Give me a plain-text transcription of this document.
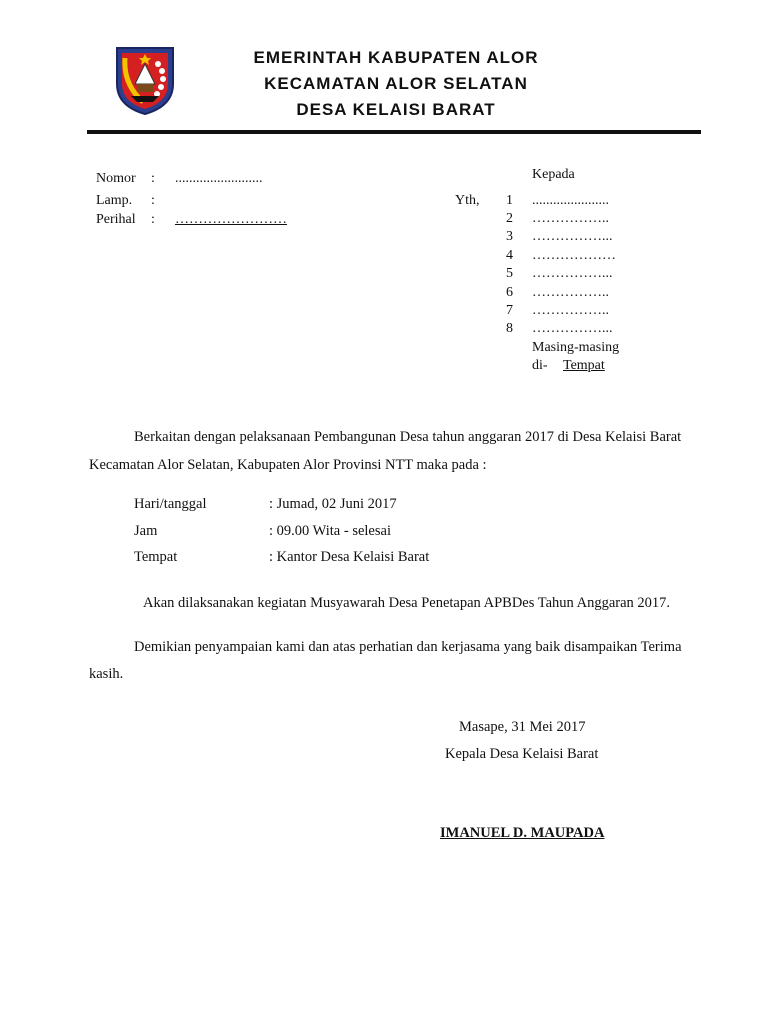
EMERINTAH KABUPATEN ALOR
KECAMATAN ALOR SELATAN
DESA KELAISI BARAT
Nomor : .........................
Lamp. :
Perihal : ……………………
Kepada
Yth, 1 ......................
2 ……………..
3 ……………...
4 ………………
5 ……………...
6 ……………..
7 ……………..
8 ……………...
Masing-masing
di- Tempat
Berkaitan dengan pelaksanaan Pembangunan Desa tahun anggaran 2017 di Desa Kelaisi Barat
Kecamatan Alor Selatan, Kabupaten Alor Provinsi NTT maka pada :
Hari/tanggal	: Jumad, 02 Juni 2017
Jam	: 09.00 Wita - selesai
Tempat	: Kantor Desa Kelaisi Barat
Akan dilaksanakan kegiatan Musyawarah Desa Penetapan APBDes Tahun Anggaran 2017.
Demikian penyampaian kami dan atas perhatian dan kerjasama yang baik disampaikan Terima
kasih.
Masape, 31 Mei 2017
Kepala Desa Kelaisi Barat
IMANUEL D. MAUPADA
